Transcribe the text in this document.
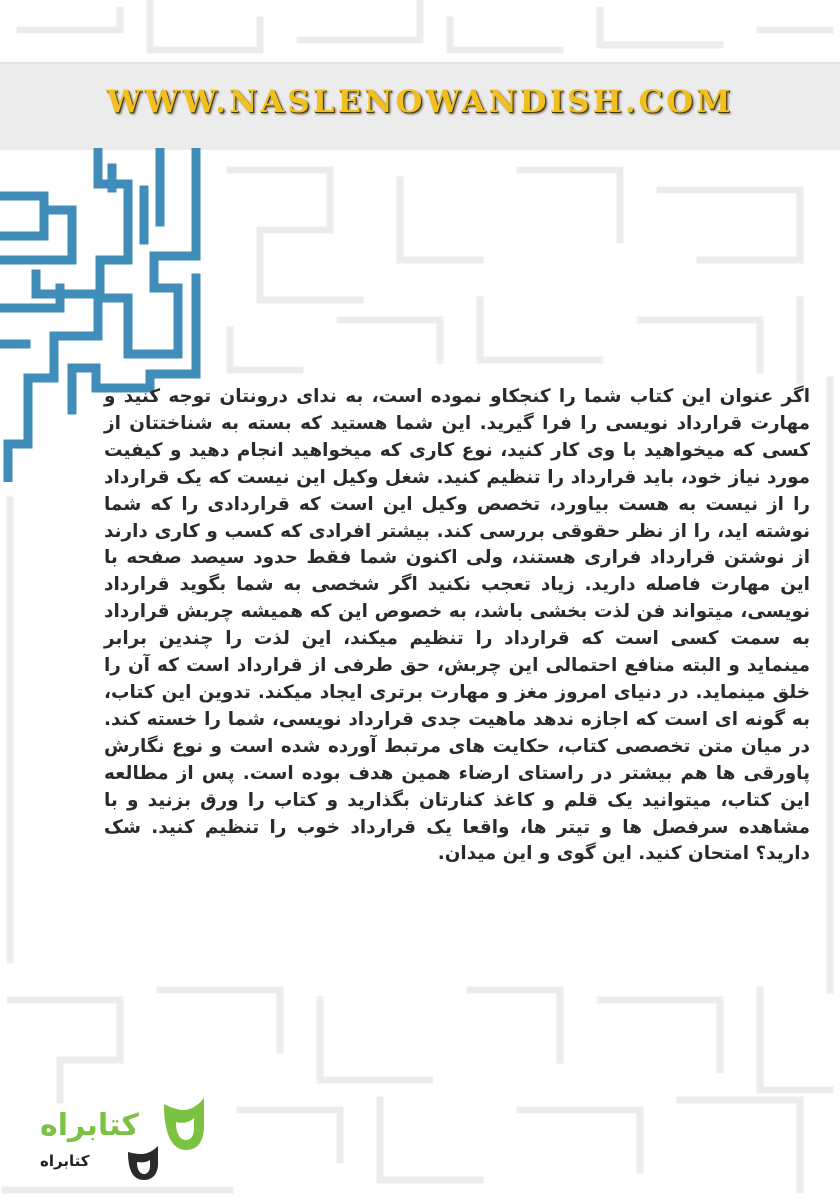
WWW.NASLENOWANDISH.COM

اگر عنوان این کتاب شما را کنجکاو نموده است، به ندای درونتان توجه کنید و مهارت قرارداد نویسی را فرا گیرید. این شما هستید که بسته به شناختتان از کسی که میخواهید با وی کار کنید، نوع کاری که میخواهید انجام دهید و کیفیت مورد نیاز خود، باید قرارداد را تنظیم کنید. شغل وکیل این نیست که یک قرارداد را از نیست به هست بیاورد، تخصص وکیل این است که قراردادی را که شما نوشته اید، را از نظر حقوقی بررسی کند. بیشتر افرادی که کسب و کاری دارند از نوشتن قرارداد فراری هستند، ولی اکنون شما فقط حدود سیصد صفحه با این مهارت فاصله دارید. زیاد تعجب نکنید اگر شخصی به شما بگوید قرارداد نویسی، میتواند فن لذت بخشی باشد، به خصوص این که همیشه چربش قرارداد به سمت کسی است که قرارداد را تنظیم میکند، این لذت را چندین برابر مینماید و البته منافع احتمالی این چربش، حق طرفی از قرارداد است که آن را خلق مینماید. در دنیای امروز مغز و مهارت برتری ایجاد میکند. تدوین این کتاب، به گونه ای است که اجازه ندهد ماهیت جدی قرارداد نویسی، شما را خسته کند. در میان متن تخصصی کتاب، حکایت های مرتبط آورده شده است و نوع نگارش پاورقی ها هم بیشتر در راستای ارضاء همین هدف بوده است. پس از مطالعه این کتاب، میتوانید یک قلم و کاغذ کنارتان بگذارید و کتاب را ورق بزنید و با مشاهده سرفصل ها و تیتر ها، واقعا یک قرارداد خوب را تنظیم کنید. شک دارید؟ امتحان کنید. این گوی و این میدان.

کتابراه
کتابراه
